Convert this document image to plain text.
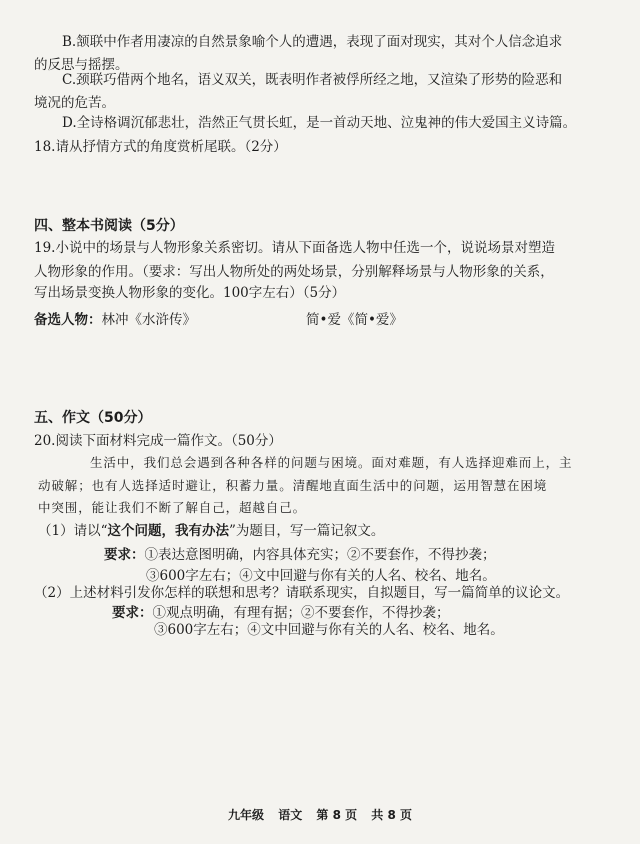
B.颔联中作者用凄凉的自然景象喻个人的遭遇，表现了面对现实，其对个人信念追求
的反思与摇摆。
C.颈联巧借两个地名，语义双关，既表明作者被俘所经之地，又渲染了形势的险恶和
境况的危苦。
D.全诗格调沉郁悲壮，浩然正气贯长虹，是一首动天地、泣鬼神的伟大爱国主义诗篇。
18.请从抒情方式的角度赏析尾联。（2分）
四、整本书阅读（5分）
19.小说中的场景与人物形象关系密切。请从下面备选人物中任选一个，说说场景对塑造
人物形象的作用。（要求：写出人物所处的两处场景，分别解释场景与人物形象的关系，
写出场景变换人物形象的变化。100字左右）（5分）
备选人物：林冲《水浒传》	简•爱《简•爱》
五、作文（50分）
20.阅读下面材料完成一篇作文。（50分）
生活中，我们总会遇到各种各样的问题与困境。面对难题，有人选择迎难而上，主
动破解；也有人选择适时避让，积蓄力量。清醒地直面生活中的问题，运用智慧在困境
中突围，能让我们不断了解自己，超越自己。
（1）请以“这个问题，我有办法”为题目，写一篇记叙文。
要求：①表达意图明确，内容具体充实；②不要套作，不得抄袭；
③600字左右；④文中回避与你有关的人名、校名、地名。
（2）上述材料引发你怎样的联想和思考？请联系现实，自拟题目，写一篇简单的议论文。
要求：①观点明确，有理有据；②不要套作，不得抄袭；
③600字左右；④文中回避与你有关的人名、校名、地名。
九年级 语文 第 8 页 共 8 页
